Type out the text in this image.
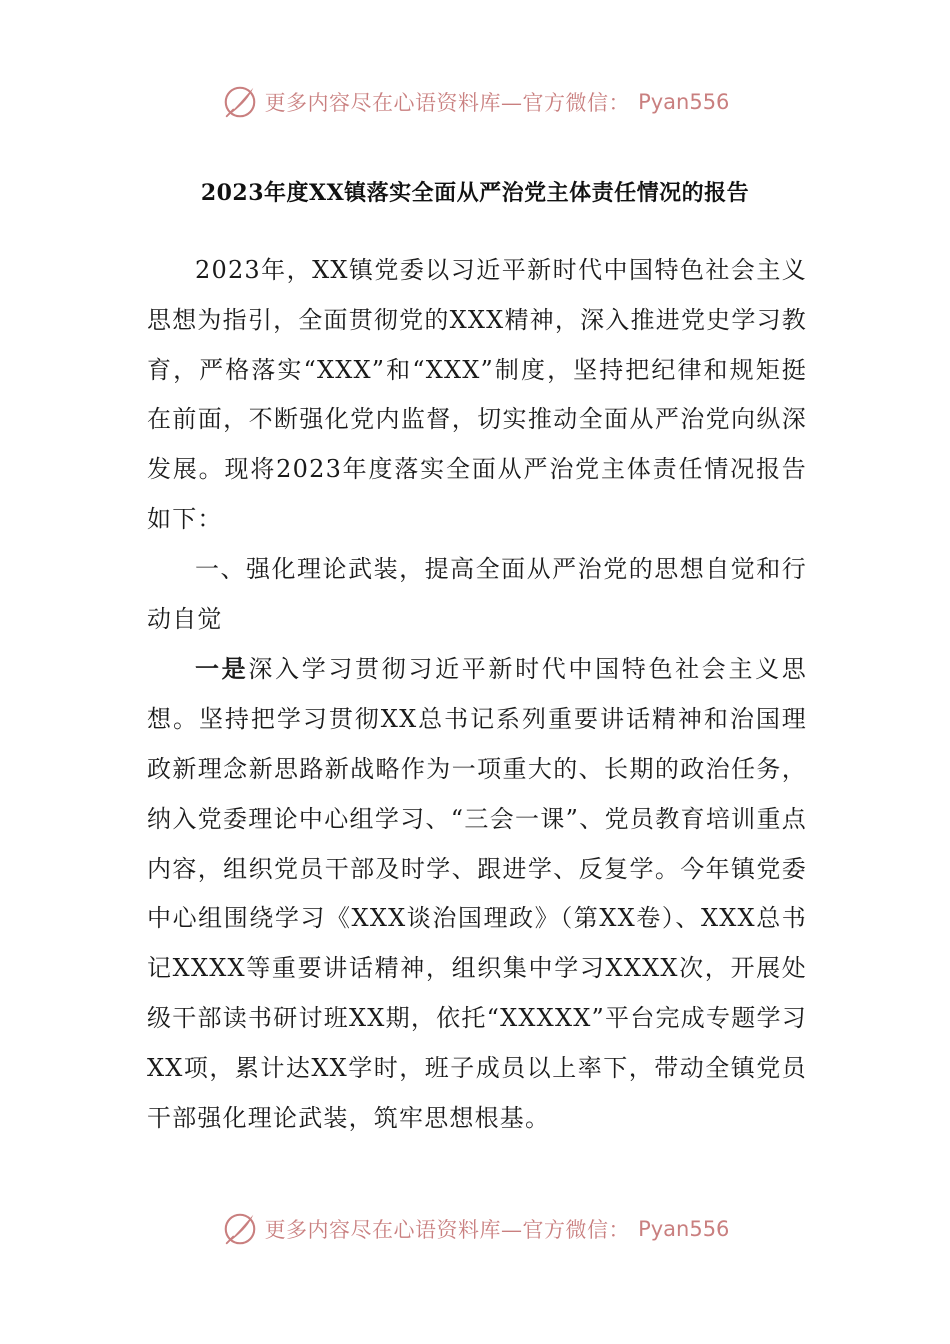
更多内容尽在心语资料库—官方微信： Pyan556
2023年度XX镇落实全面从严治党主体责任情况的报告

2023年，XX镇党委以习近平新时代中国特色社会主义思想为指引，全面贯彻党的XXX精神，深入推进党史学习教育，严格落实“XXX”和“XXX”制度，坚持把纪律和规矩挺在前面，不断强化党内监督，切实推动全面从严治党向纵深发展。现将2023年度落实全面从严治党主体责任情况报告如下：

一、强化理论武装，提高全面从严治党的思想自觉和行动自觉

一是深入学习贯彻习近平新时代中国特色社会主义思想。坚持把学习贯彻XX总书记系列重要讲话精神和治国理政新理念新思路新战略作为一项重大的、长期的政治任务，纳入党委理论中心组学习、“三会一课”、党员教育培训重点内容，组织党员干部及时学、跟进学、反复学。今年镇党委中心组围绕学习《XXX谈治国理政》（第XX卷）、XXX总书记XXXX等重要讲话精神，组织集中学习XXXX次，开展处级干部读书研讨班XX期，依托“XXXXX”平台完成专题学习XX项，累计达XX学时，班子成员以上率下，带动全镇党员干部强化理论武装，筑牢思想根基。

更多内容尽在心语资料库—官方微信： Pyan556
